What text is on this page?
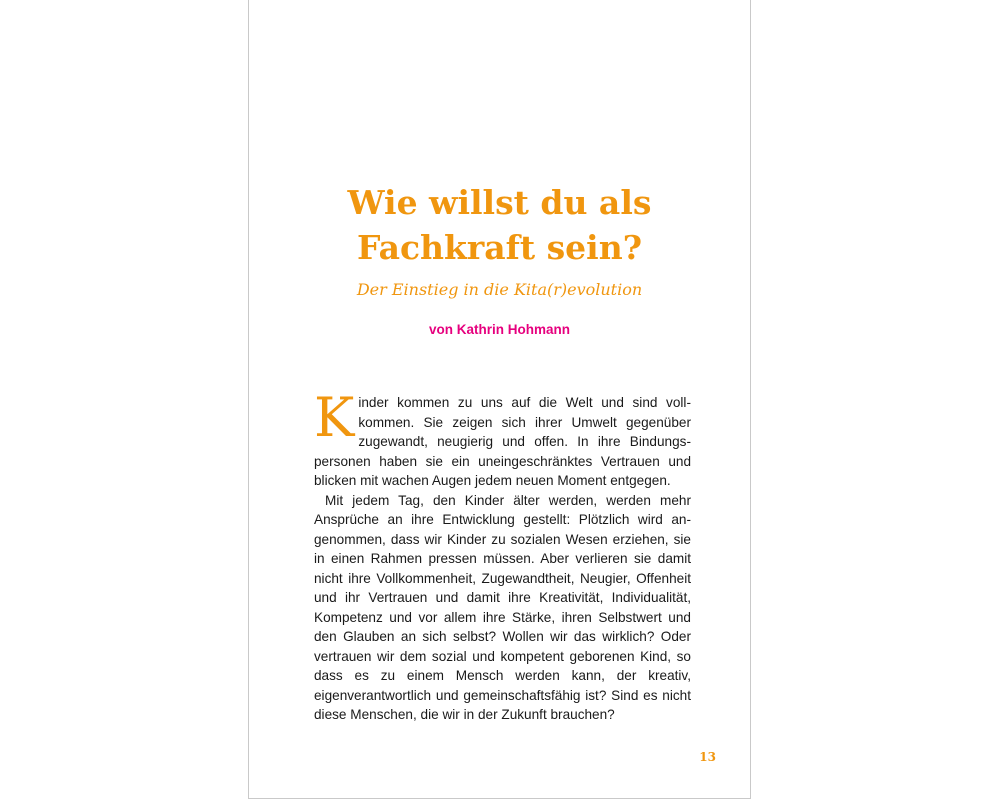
Wie willst du als
Fachkraft sein?

Der Einstieg in die Kita(r)evolution

von Kathrin Hohmann

Kinder kommen zu uns auf die Welt und sind vollkommen. Sie zeigen sich ihrer Umwelt gegenüber zugewandt, neugierig und offen. In ihre Bindungspersonen haben sie ein uneingeschränktes Vertrauen und blicken mit wachen Augen jedem neuen Moment entgegen.

Mit jedem Tag, den Kinder älter werden, werden mehr Ansprüche an ihre Entwicklung gestellt: Plötzlich wird angenommen, dass wir Kinder zu sozialen Wesen erziehen, sie in einen Rahmen pressen müssen. Aber verlieren sie damit nicht ihre Vollkommenheit, Zugewandtheit, Neugier, Offenheit und ihr Vertrauen und damit ihre Kreativität, Individualität, Kompetenz und vor allem ihre Stärke, ihren Selbstwert und den Glauben an sich selbst? Wollen wir das wirklich? Oder vertrauen wir dem sozial und kompetent geborenen Kind, so dass es zu einem Mensch werden kann, der kreativ, eigenverantwortlich und gemeinschaftsfähig ist? Sind es nicht diese Menschen, die wir in der Zukunft brauchen?

13
